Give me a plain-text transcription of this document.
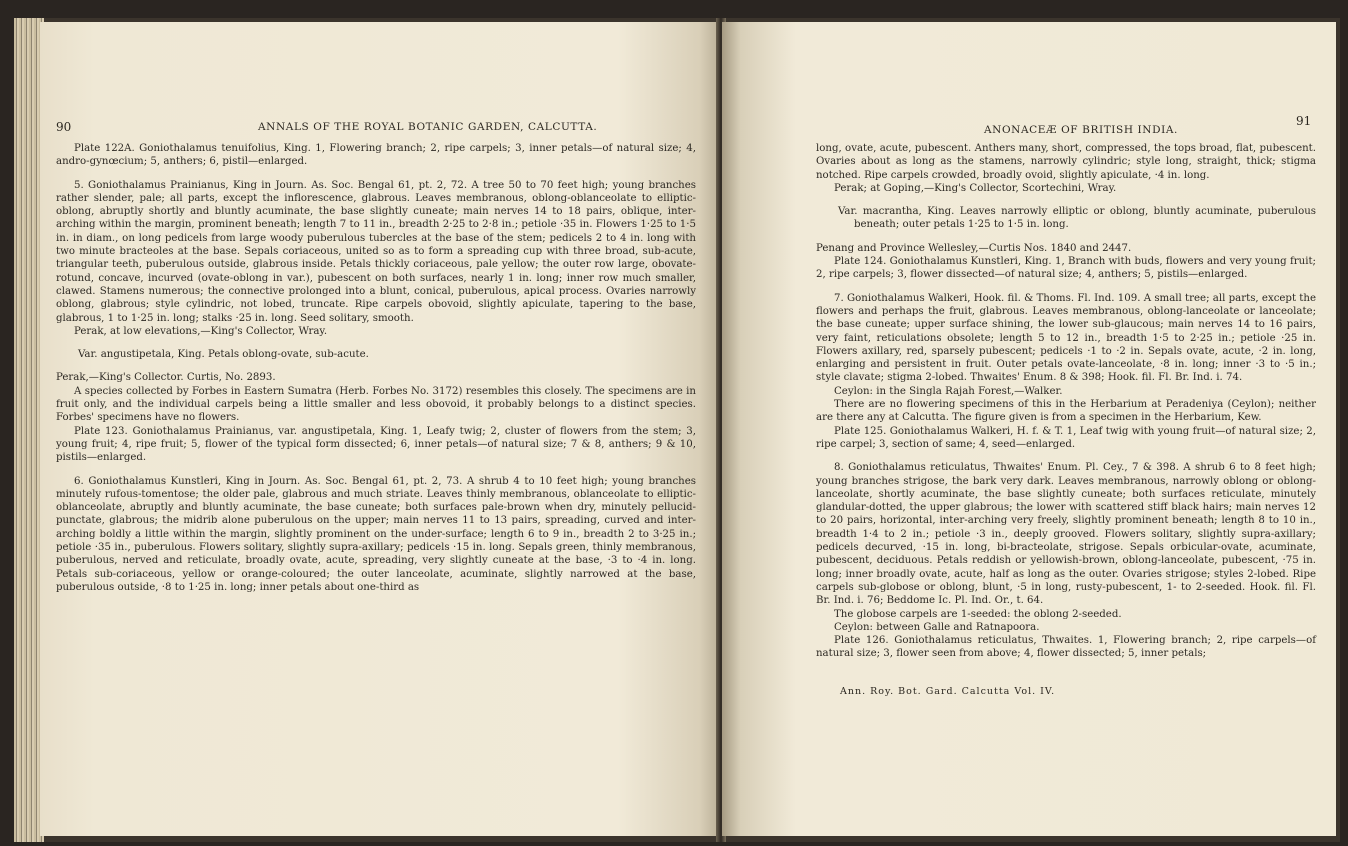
90	ANNALS OF THE ROYAL BOTANIC GARDEN, CALCUTTA.

Plate 122A. Goniothalamus tenuifolius, King. 1, Flowering branch; 2, ripe carpels; 3, inner petals—of natural size; 4, andro-gynœcium; 5, anthers; 6, pistil—enlarged.

5. Goniothalamus Prainianus, King in Journ. As. Soc. Bengal 61, pt. 2, 72. A tree 50 to 70 feet high; young branches rather slender, pale; all parts, except the inflorescence, glabrous. Leaves membranous, oblong-oblanceolate to elliptic-oblong, abruptly shortly and bluntly acuminate, the base slightly cuneate; main nerves 14 to 18 pairs, oblique, inter-arching within the margin, prominent beneath; length 7 to 11 in., breadth 2·25 to 2·8 in.; petiole ·35 in. Flowers 1·25 to 1·5 in. in diam., on long pedicels from large woody puberulous tubercles at the base of the stem; pedicels 2 to 4 in. long with two minute bracteoles at the base. Sepals coriaceous, united so as to form a spreading cup with three broad, sub-acute, triangular teeth, puberulous outside, glabrous inside. Petals thickly coriaceous, pale yellow; the outer row large, obovate-rotund, concave, incurved (ovate-oblong in var.), pubescent on both surfaces, nearly 1 in. long; inner row much smaller, clawed. Stamens numerous; the connective prolonged into a blunt, conical, puberulous, apical process. Ovaries narrowly oblong, glabrous; style cylindric, not lobed, truncate. Ripe carpels obovoid, slightly apiculate, tapering to the base, glabrous, 1 to 1·25 in. long; stalks ·25 in. long. Seed solitary, smooth.

Perak, at low elevations,—King's Collector, Wray.

Var. angustipetala, King. Petals oblong-ovate, sub-acute.

Perak,—King's Collector. Curtis, No. 2893.

A species collected by Forbes in Eastern Sumatra (Herb. Forbes No. 3172) resembles this closely. The specimens are in fruit only, and the individual carpels being a little smaller and less obovoid, it probably belongs to a distinct species. Forbes' specimens have no flowers.

Plate 123. Goniothalamus Prainianus, var. angustipetala, King. 1, Leafy twig; 2, cluster of flowers from the stem; 3, young fruit; 4, ripe fruit; 5, flower of the typical form dissected; 6, inner petals—of natural size; 7 & 8, anthers; 9 & 10, pistils—enlarged.

6. Goniothalamus Kunstleri, King in Journ. As. Soc. Bengal 61, pt. 2, 73. A shrub 4 to 10 feet high; young branches minutely rufous-tomentose; the older pale, glabrous and much striate. Leaves thinly membranous, oblanceolate to elliptic-oblanceolate, abruptly and bluntly acuminate, the base cuneate; both surfaces pale-brown when dry, minutely pellucid-punctate, glabrous; the midrib alone puberulous on the upper; main nerves 11 to 13 pairs, spreading, curved and inter-arching boldly a little within the margin, slightly prominent on the under-surface; length 6 to 9 in., breadth 2 to 3·25 in.; petiole ·35 in., puberulous. Flowers solitary, slightly supra-axillary; pedicels ·15 in. long. Sepals green, thinly membranous, puberulous, nerved and reticulate, broadly ovate, acute, spreading, very slightly cuneate at the base, ·3 to ·4 in. long. Petals sub-coriaceous, yellow or orange-coloured; the outer lanceolate, acuminate, slightly narrowed at the base, puberulous outside, ·8 to 1·25 in. long; inner petals about one-third as

ANONACEÆ OF BRITISH INDIA.
91

long, ovate, acute, pubescent. Anthers many, short, compressed, the tops broad, flat, pubescent. Ovaries about as long as the stamens, narrowly cylindric; style long, straight, thick; stigma notched. Ripe carpels crowded, broadly ovoid, slightly apiculate, ·4 in. long.

Perak; at Goping,—King's Collector, Scortechini, Wray.

Var. macrantha, King. Leaves narrowly elliptic or oblong, bluntly acuminate, puberulous beneath; outer petals 1·25 to 1·5 in. long.

Penang and Province Wellesley,—Curtis Nos. 1840 and 2447.

Plate 124. Goniothalamus Kunstleri, King. 1, Branch with buds, flowers and very young fruit; 2, ripe carpels; 3, flower dissected—of natural size; 4, anthers; 5, pistils—enlarged.

7. Goniothalamus Walkeri, Hook. fil. & Thoms. Fl. Ind. 109. A small tree; all parts, except the flowers and perhaps the fruit, glabrous. Leaves membranous, oblong-lanceolate or lanceolate; the base cuneate; upper surface shining, the lower sub-glaucous; main nerves 14 to 16 pairs, very faint, reticulations obsolete; length 5 to 12 in., breadth 1·5 to 2·25 in.; petiole ·25 in. Flowers axillary, red, sparsely pubescent; pedicels ·1 to ·2 in. Sepals ovate, acute, ·2 in. long, enlarging and persistent in fruit. Outer petals ovate-lanceolate, ·8 in. long; inner ·3 to ·5 in.; style clavate; stigma 2-lobed. Thwaites' Enum. 8 & 398; Hook. fil. Fl. Br. Ind. i. 74.

Ceylon: in the Singla Rajah Forest,—Walker.

There are no flowering specimens of this in the Herbarium at Peradeniya (Ceylon); neither are there any at Calcutta. The figure given is from a specimen in the Herbarium, Kew.

Plate 125. Goniothalamus Walkeri, H. f. & T. 1, Leaf twig with young fruit—of natural size; 2, ripe carpel; 3, section of same; 4, seed—enlarged.

8. Goniothalamus reticulatus, Thwaites' Enum. Pl. Cey., 7 & 398. A shrub 6 to 8 feet high; young branches strigose, the bark very dark. Leaves membranous, narrowly oblong or oblong-lanceolate, shortly acuminate, the base slightly cuneate; both surfaces reticulate, minutely glandular-dotted, the upper glabrous; the lower with scattered stiff black hairs; main nerves 12 to 20 pairs, horizontal, inter-arching very freely, slightly prominent beneath; length 8 to 10 in., breadth 1·4 to 2 in.; petiole ·3 in., deeply grooved. Flowers solitary, slightly supra-axillary; pedicels decurved, ·15 in. long, bi-bracteolate, strigose. Sepals orbicular-ovate, acuminate, pubescent, deciduous. Petals reddish or yellowish-brown, oblong-lanceolate, pubescent, ·75 in. long; inner broadly ovate, acute, half as long as the outer. Ovaries strigose; styles 2-lobed. Ripe carpels sub-globose or oblong, blunt, ·5 in long, rusty-pubescent, 1- to 2-seeded. Hook. fil. Fl. Br. Ind. i. 76; Beddome Ic. Pl. Ind. Or., t. 64.

The globose carpels are 1-seeded: the oblong 2-seeded.

Ceylon: between Galle and Ratnapoora.

Plate 126. Goniothalamus reticulatus, Thwaites. 1, Flowering branch; 2, ripe carpels—of natural size; 3, flower seen from above; 4, flower dissected; 5, inner petals;

Ann. Roy. Bot. Gard. Calcutta Vol. IV.
